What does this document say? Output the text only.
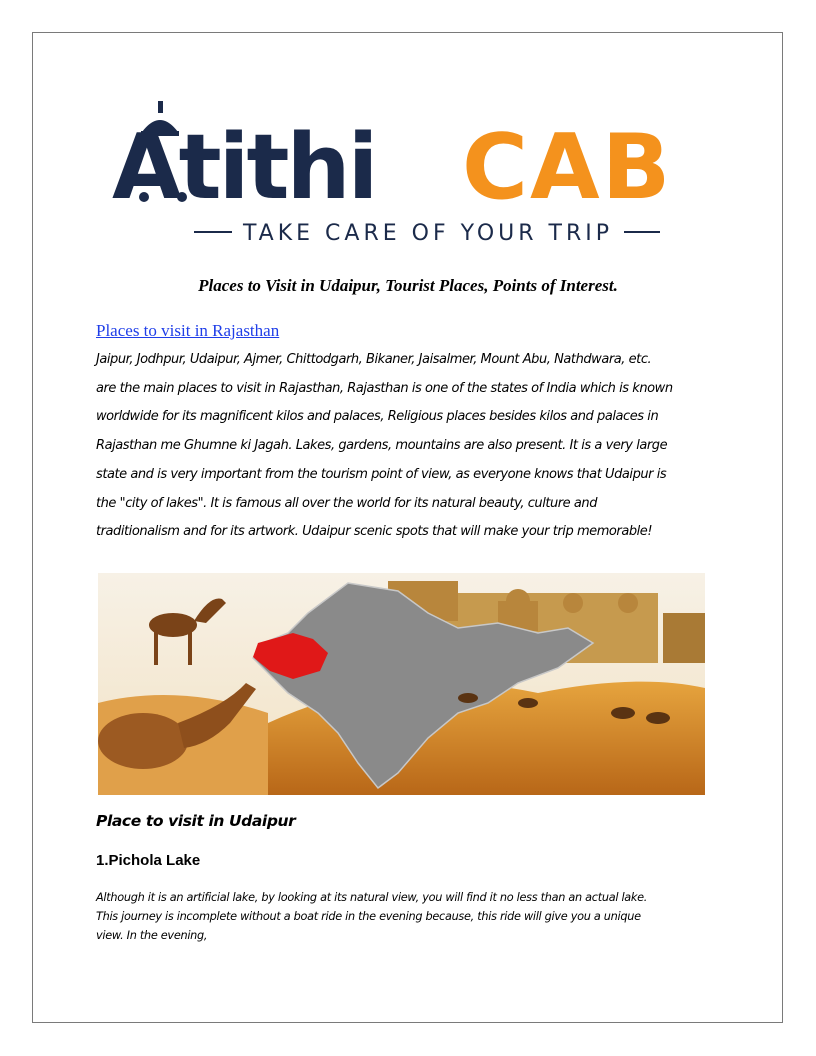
Atithi CAB
TAKE CARE OF YOUR TRIP
Places to Visit in Udaipur, Tourist Places, Points of Interest.
Places to visit in Rajasthan

Jaipur, Jodhpur, Udaipur, Ajmer, Chittodgarh, Bikaner, Jaisalmer, Mount Abu, Nathdwara, etc.
are the main places to visit in Rajasthan, Rajasthan is one of the states of India which is known
worldwide for its magnificent kilos and palaces, Religious places besides kilos and palaces in
Rajasthan me Ghumne ki Jagah. Lakes, gardens, mountains are also present. It is a very large
state and is very important from the tourism point of view, as everyone knows that Udaipur is
the "city of lakes". It is famous all over the world for its natural beauty, culture and
traditionalism and for its artwork. Udaipur scenic spots that will make your trip memorable!

Place to visit in Udaipur
1.Pichola Lake

Although it is an artificial lake, by looking at its natural view, you will find it no less than an actual lake.
This journey is incomplete without a boat ride in the evening because, this ride will give you a unique
view. In the evening,
